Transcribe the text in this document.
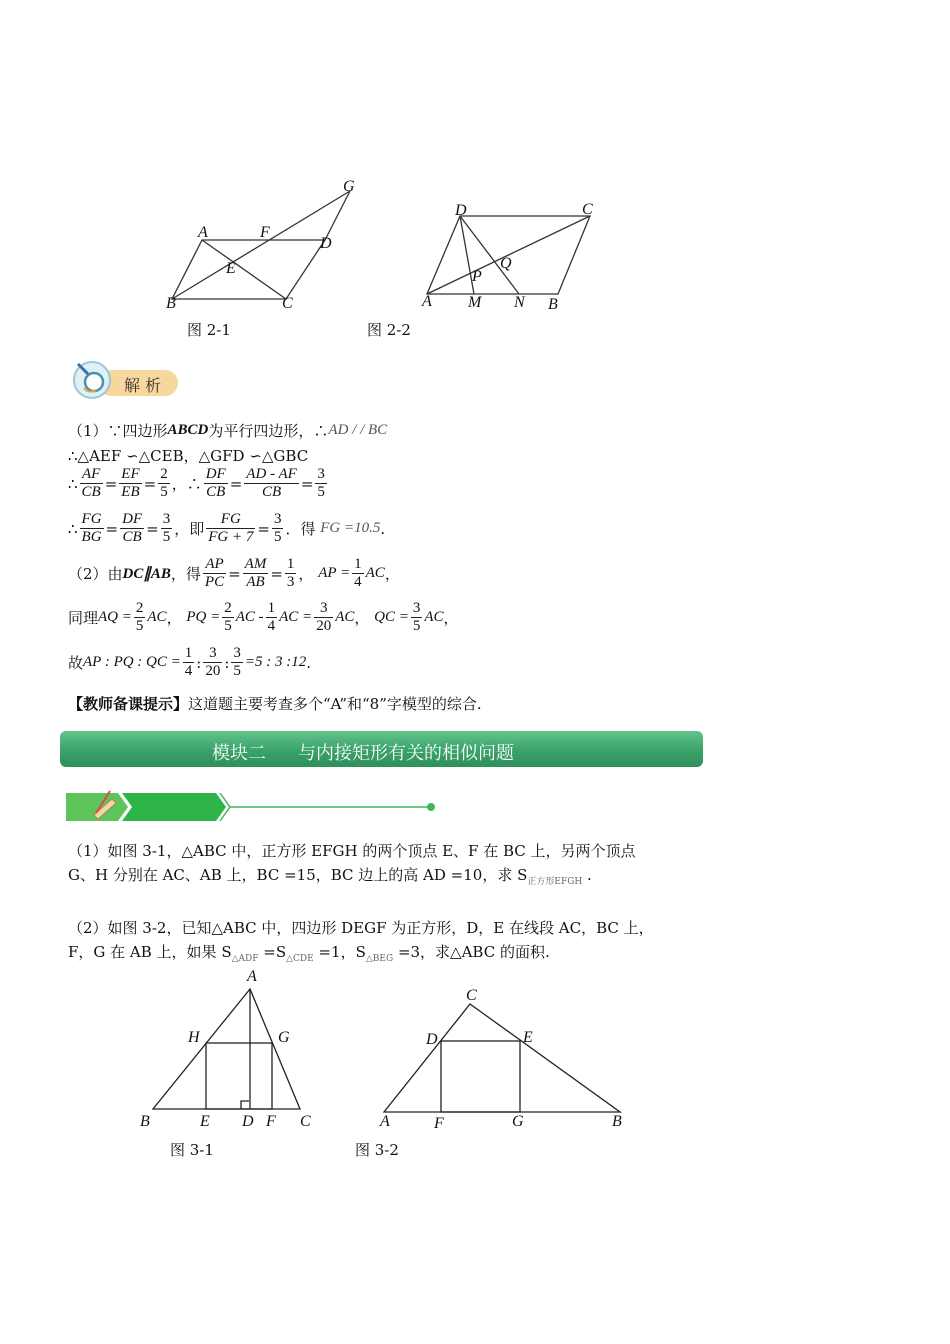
A	F
G
D
E
B	C
图 2-1
D	C
P
Q
A M N B
图 2-2
解 析
（1）∵四边形 ABCD 为平行四边形，∴ AD / / BC
∴△AEF ∽△CEB，△GFD ∽△GBC
∴ $\frac{AF}{CB} = \frac{EF}{EB} = \frac{2}{5}$ ，∴ $\frac{DF}{CB} = \frac{AD - AF}{CB} = \frac{3}{5}$
∴ $\frac{FG}{BG} = \frac{DF}{CB} = \frac{3}{5}$ ， 即 $\frac{FG}{FG + 7} = \frac{3}{5}$ ． 得
FG =10.5 .
（2）由 DC∥AB ，得 $\frac{AP}{PC} = \frac{AM}{AB} = \frac{1}{3}$ ， AP = $\frac{1}{4}$ AC ，
同理 AQ = $\frac{2}{5}$ AC ， PQ = $\frac{2}{5}$ AC - $\frac{1}{4}$ AC = $\frac{3}{20}$ AC ， QC = $\frac{3}{5}$ AC ，
故 AP : PQ : QC = $\frac{1}{4}$ : $\frac{3}{20}$ : $\frac{3}{5} =5$ : 3 :12 .
【教师备课提示】 这道题主要考查多个“A”和“8”字模型的综合.
模块二 与内接矩形有关的相似问题
（1）如图 3-1，△ABC 中，正方形 EFGH 的两个顶点 E、F 在 BC 上，另两个顶点
G、H 分别在 AC、AB 上，BC =15，BC 边上的高 AD =10，求 $S_{正方形EFGH}$ .
（2）如图 3-2，已知△ABC 中，四边形 DEGF 为正方形，D，E 在线段 AC，BC 上，
F，G 在 AB 上，如果 $S_{\triangle ADF} =S_{\triangle CDE} =1$，$S_{\triangle BEG} =3$，求△ABC 的面积.
A
H	G
B	E D F C
图 3-1
C
D	E
A	F	G	B
图 3-2
